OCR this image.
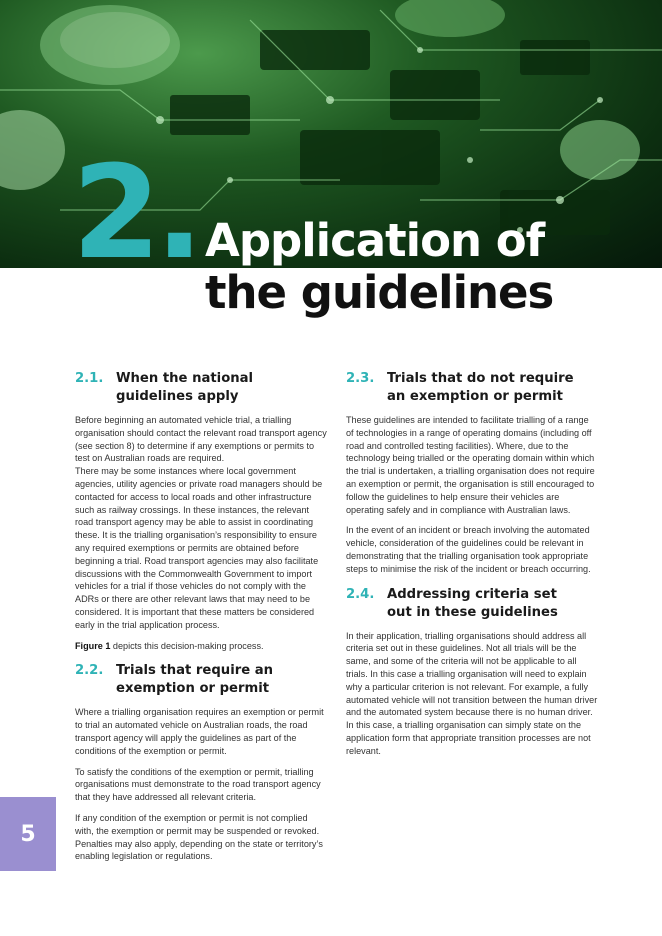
2. Application of
the guidelines
2.1. When the national
guidelines apply

Before beginning an automated vehicle trial, a trialling organisation should contact the relevant road transport agency (see section 8) to determine if any exemptions or permits to test on Australian roads are required.

There may be some instances where local government agencies, utility agencies or private road managers should be contacted for access to local roads and other infrastructure such as railway crossings. In these instances, the relevant road transport agency may be able to assist in coordinating these. It is the trialling organisation’s responsibility to ensure any required exemptions or permits are obtained before beginning a trial. Road transport agencies may also facilitate discussions with the Commonwealth Government to import vehicles for a trial if those vehicles do not comply with the ADRs or there are other relevant laws that may need to be considered. It is important that these matters be considered early in the trial application process.

Figure 1 depicts this decision-making process.

2.2. Trials that require an
exemption or permit

Where a trialling organisation requires an exemption or permit to trial an automated vehicle on Australian roads, the road transport agency will apply the guidelines as part of the conditions of the exemption or permit.

To satisfy the conditions of the exemption or permit, trialling organisations must demonstrate to the road transport agency that they have addressed all relevant criteria.

If any condition of the exemption or permit is not complied with, the exemption or permit may be suspended or revoked. Penalties may also apply, depending on the state or territory’s enabling legislation or regulations.

2.3. Trials that do not require
an exemption or permit

These guidelines are intended to facilitate trialling of a range of technologies in a range of operating domains (including off road and controlled testing facilities). Where, due to the technology being trialled or the operating domain within which the trial is undertaken, a trialling organisation does not require an exemption or permit, the organisation is still encouraged to follow the guidelines to help ensure their vehicles are operating safely and in compliance with Australian laws.

In the event of an incident or breach involving the automated vehicle, consideration of the guidelines could be relevant in demonstrating that the trialling organisation took appropriate steps to minimise the risk of the incident or breach occurring.

2.4. Addressing criteria set
out in these guidelines

In their application, trialling organisations should address all criteria set out in these guidelines. Not all trials will be the same, and some of the criteria will not be applicable to all trials. In this case a trialling organisation will need to explain why a particular criterion is not relevant. For example, a fully automated vehicle will not transition between the human driver and the automated system because there is no human driver. In this case, a trialling organisation can simply state on the application form that appropriate transition processes are not relevant.

5
